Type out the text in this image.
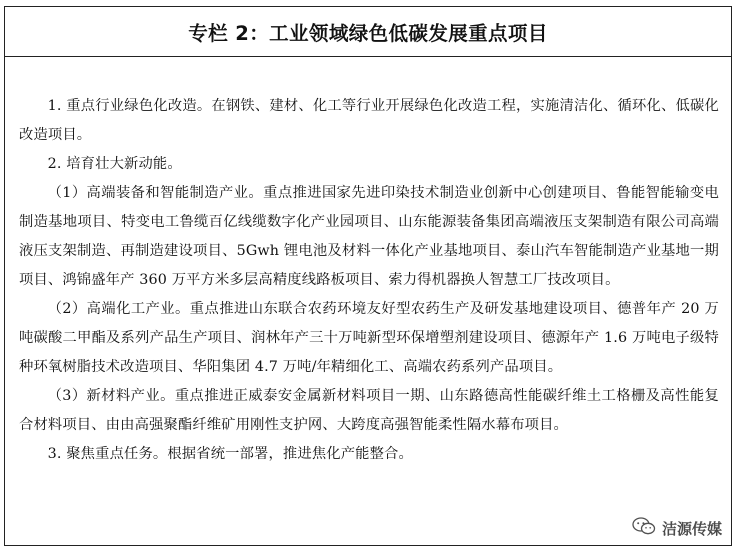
专栏 2：工业领域绿色低碳发展重点项目

1. 重点行业绿色化改造。在钢铁、建材、化工等行业开展绿色化改造工程，实施清洁化、循环化、低碳化改造项目。

2. 培育壮大新动能。

（1）高端装备和智能制造产业。重点推进国家先进印染技术制造业创新中心创建项目、鲁能智能输变电制造基地项目、特变电工鲁缆百亿线缆数字化产业园项目、山东能源装备集团高端液压支架制造有限公司高端液压支架制造、再制造建设项目、5Gwh 锂电池及材料一体化产业基地项目、泰山汽车智能制造产业基地一期项目、鸿锦盛年产 360 万平方米多层高精度线路板项目、索力得机器换人智慧工厂技改项目。

（2）高端化工产业。重点推进山东联合农药环境友好型农药生产及研发基地建设项目、德普年产 20 万吨碳酸二甲酯及系列产品生产项目、润林年产三十万吨新型环保增塑剂建设项目、德源年产 1.6 万吨电子级特种环氧树脂技术改造项目、华阳集团 4.7 万吨/年精细化工、高端农药系列产品项目。

（3）新材料产业。重点推进正威泰安金属新材料项目一期、山东路德高性能碳纤维土工格栅及高性能复合材料项目、由由高强聚酯纤维矿用刚性支护网、大跨度高强智能柔性隔水幕布项目。

3. 聚焦重点任务。根据省统一部署，推进焦化产能整合。

洁源传媒
